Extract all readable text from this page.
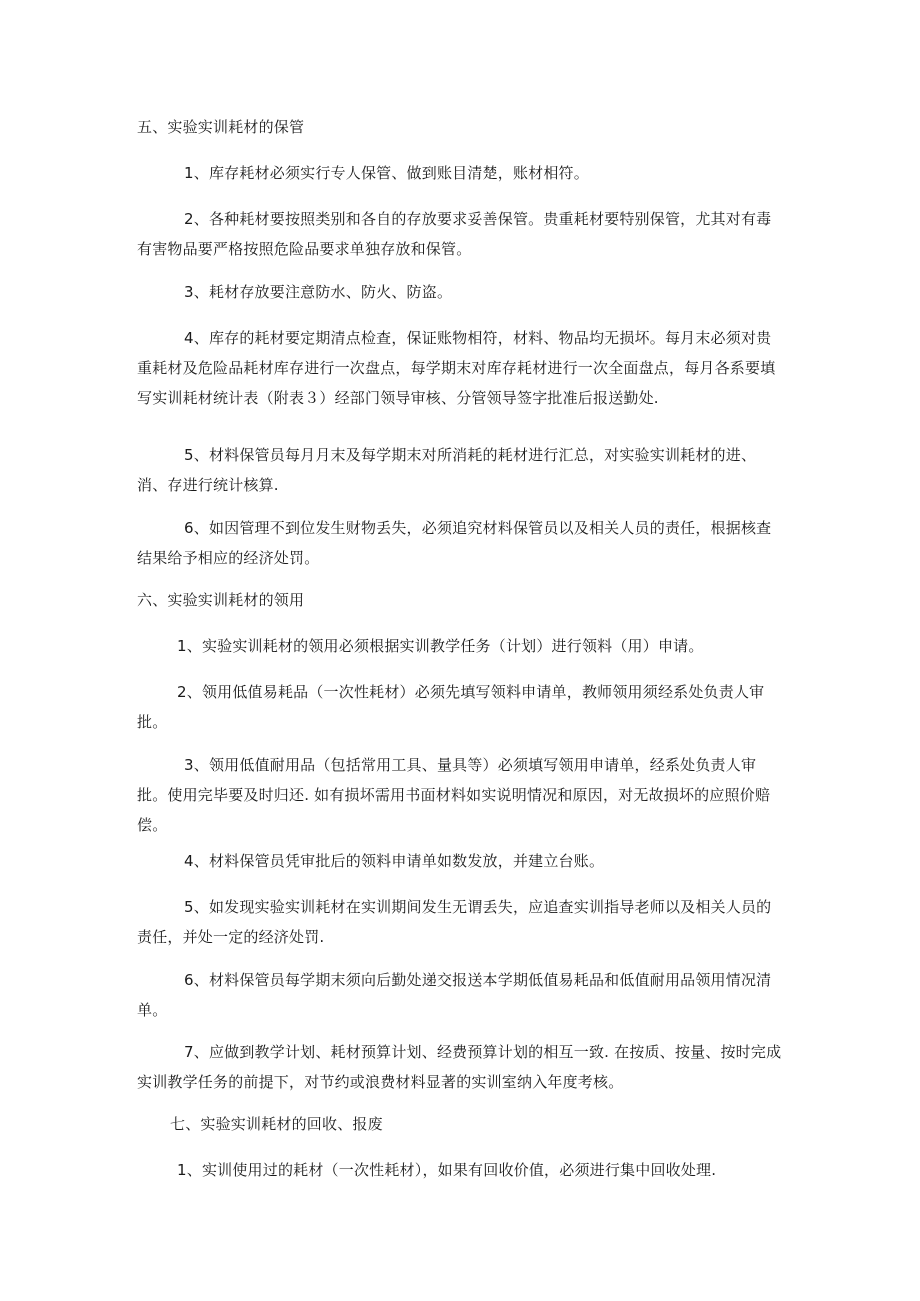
五、实验实训耗材的保管

1、库存耗材必须实行专人保管、做到账目清楚，账材相符。

2、各种耗材要按照类别和各自的存放要求妥善保管。贵重耗材要特别保管，尤其对有毒有害物品要严格按照危险品要求单独存放和保管。

3、耗材存放要注意防水、防火、防盗。

4、库存的耗材要定期清点检查，保证账物相符，材料、物品均无损坏。每月末必须对贵重耗材及危险品耗材库存进行一次盘点，每学期末对库存耗材进行一次全面盘点，每月各系要填写实训耗材统计表（附表３）经部门领导审核、分管领导签字批准后报送勤处.

5、材料保管员每月月末及每学期末对所消耗的耗材进行汇总，对实验实训耗材的进、消、存进行统计核算.

6、如因管理不到位发生财物丢失，必须追究材料保管员以及相关人员的责任，根据核查结果给予相应的经济处罚。

六、实验实训耗材的领用

1、实验实训耗材的领用必须根据实训教学任务（计划）进行领料（用）申请。

2、领用低值易耗品（一次性耗材）必须先填写领料申请单，教师领用须经系处负责人审批。

3、领用低值耐用品（包括常用工具、量具等）必须填写领用申请单，经系处负责人审批。使用完毕要及时归还. 如有损坏需用书面材料如实说明情况和原因，对无故损坏的应照价赔偿。

4、材料保管员凭审批后的领料申请单如数发放，并建立台账。

5、如发现实验实训耗材在实训期间发生无谓丢失，应追查实训指导老师以及相关人员的责任，并处一定的经济处罚.

6、材料保管员每学期末须向后勤处递交报送本学期低值易耗品和低值耐用品领用情况清单。

7、应做到教学计划、耗材预算计划、经费预算计划的相互一致. 在按质、按量、按时完成实训教学任务的前提下，对节约或浪费材料显著的实训室纳入年度考核。

七、实验实训耗材的回收、报废

1、实训使用过的耗材（一次性耗材），如果有回收价值，必须进行集中回收处理.
